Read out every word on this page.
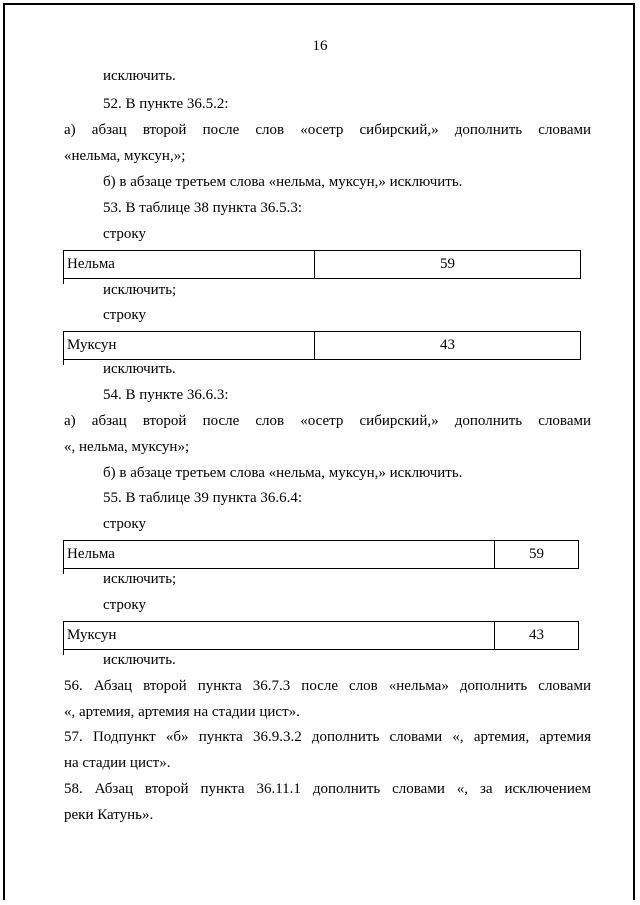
16
исключить.
52. В пункте 36.5.2:
а) абзац второй после слов «осетр сибирский,» дополнить словами
«нельма, муксун,»;
б) в абзаце третьем слова «нельма, муксун,» исключить.
53. В таблице 38 пункта 36.5.3:
строку
Нельма	59
исключить;
строку
Муксун	43
исключить.
54. В пункте 36.6.3:
а) абзац второй после слов «осетр сибирский,» дополнить словами
«, нельма, муксун»;
б) в абзаце третьем слова «нельма, муксун,» исключить.
55. В таблице 39 пункта 36.6.4:
строку
Нельма	59
исключить;
строку
Муксун	43
исключить.
56. Абзац второй пункта 36.7.3 после слов «нельма» дополнить словами
«, артемия, артемия на стадии цист».
57. Подпункт «б» пункта 36.9.3.2 дополнить словами «, артемия, артемия
на стадии цист».
58. Абзац второй пункта 36.11.1 дополнить словами «, за исключением
реки Катунь».
